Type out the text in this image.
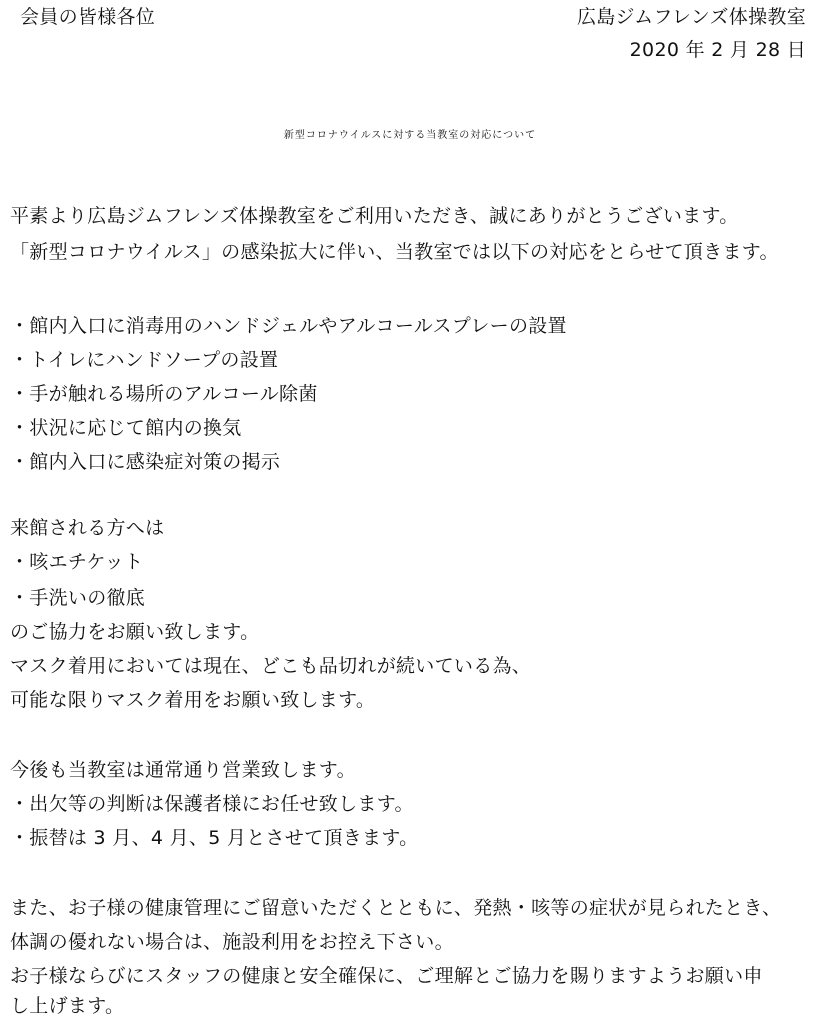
会員の皆様各位	広島ジムフレンズ体操教室
2020 年 2 月 28 日
新型コロナウイルスに対する当教室の対応について
平素より広島ジムフレンズ体操教室をご利用いただき、誠にありがとうございます。
「新型コロナウイルス」の感染拡大に伴い、当教室では以下の対応をとらせて頂きます。
・館内入口に消毒用のハンドジェルやアルコールスプレーの設置
・トイレにハンドソープの設置
・手が触れる場所のアルコール除菌
・状況に応じて館内の換気
・館内入口に感染症対策の掲示
来館される方へは
・咳エチケット
・手洗いの徹底
のご協力をお願い致します。
マスク着用においては現在、どこも品切れが続いている為、
可能な限りマスク着用をお願い致します。
今後も当教室は通常通り営業致します。
・出欠等の判断は保護者様にお任せ致します。
・振替は 3 月、4 月、5 月とさせて頂きます。
また、お子様の健康管理にご留意いただくとともに、発熱・咳等の症状が見られたとき、
体調の優れない場合は、施設利用をお控え下さい。
お子様ならびにスタッフの健康と安全確保に、ご理解とご協力を賜りますようお願い申
し上げます。
